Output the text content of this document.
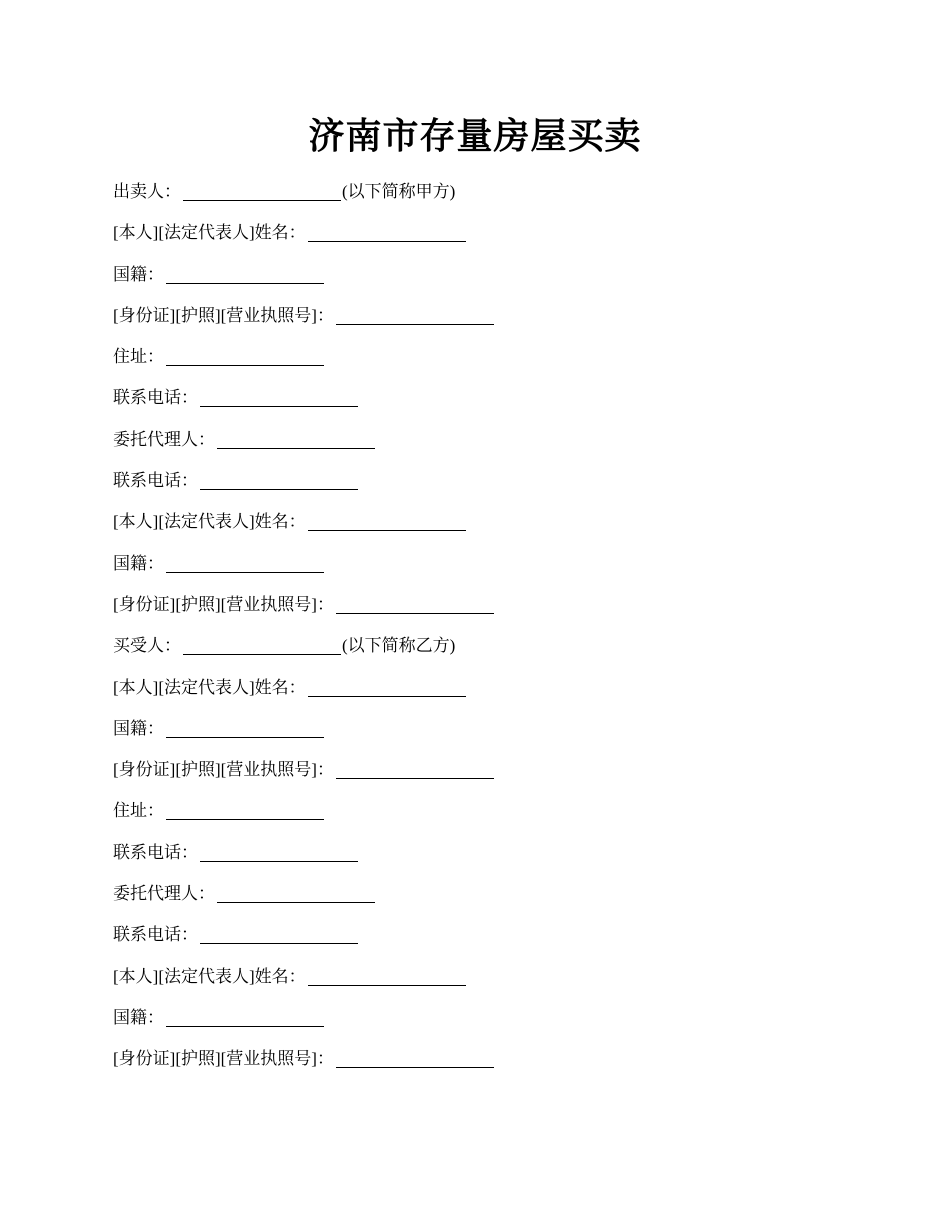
济南市存量房屋买卖
出卖人：	(以下简称甲方)
[本人][法定代表人]姓名：
国籍：
[身份证][护照][营业执照号]：
住址：
联系电话：
委托代理人：
联系电话：
[本人][法定代表人]姓名：
国籍：
[身份证][护照][营业执照号]：
买受人：	(以下简称乙方)
[本人][法定代表人]姓名：
国籍：
[身份证][护照][营业执照号]：
住址：
联系电话：
委托代理人：
联系电话：
[本人][法定代表人]姓名：
国籍：
[身份证][护照][营业执照号]：
